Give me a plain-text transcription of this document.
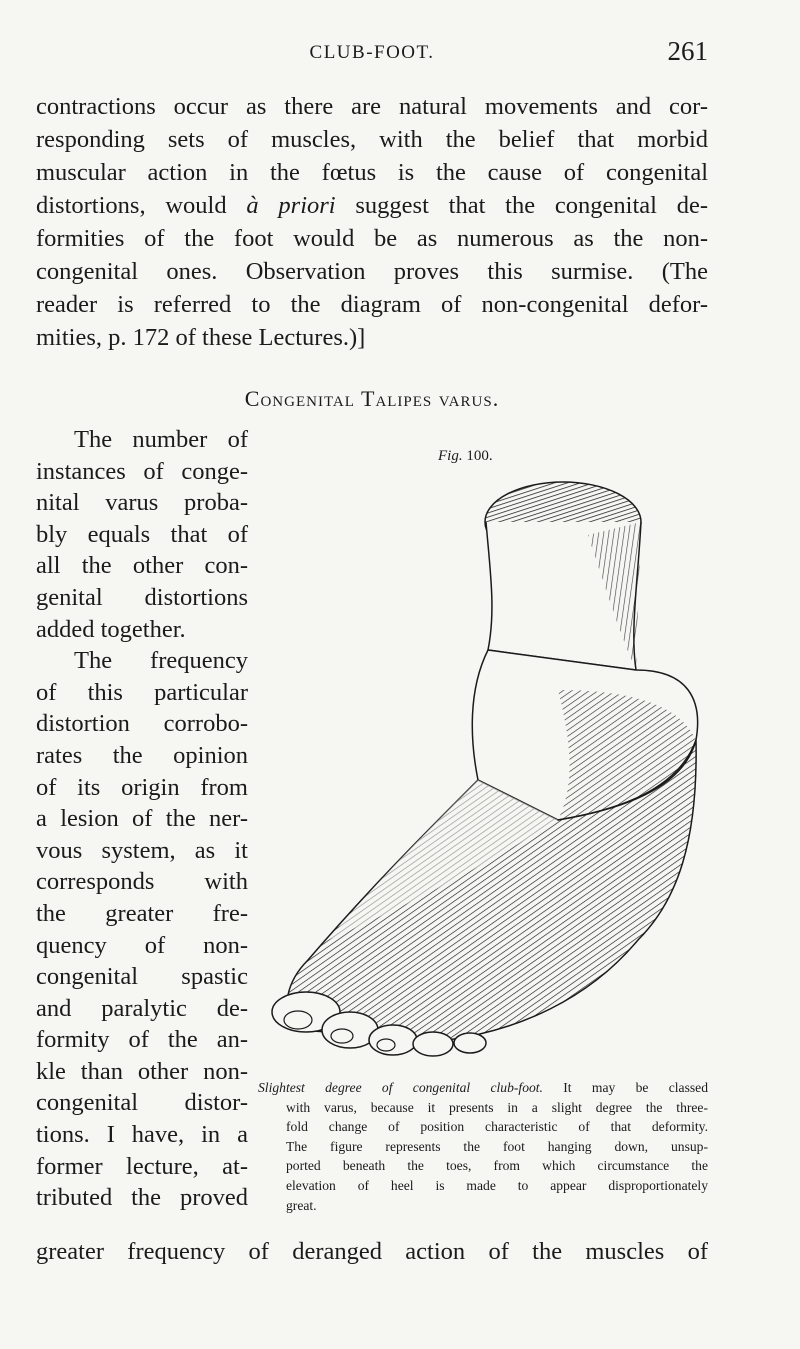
CLUB-FOOT.	261

contractions occur as there are natural movements and cor-
responding sets of muscles, with the belief that morbid
muscular action in the fœtus is the cause of congenital
distortions, would à priori suggest that the congenital de-
formities of the foot would be as numerous as the non-
congenital ones. Observation proves this surmise. (The
reader is referred to the diagram of non-congenital defor-
mities, p. 172 of these Lectures.)]

Congenital Talipes varus.

The number of
instances of conge-
nital varus proba-
bly equals that of
all the other con-
genital distortions
added together.
The frequency
of this particular
distortion corrobo-
rates the opinion
of its origin from
a lesion of the ner-
vous system, as it
corresponds with
the greater fre-
quency of non-
congenital spastic
and paralytic de-
formity of the an-
kle than other non-
congenital distor-
tions. I have, in a
former lecture, at-
tributed the proved

Fig. 100.

Slightest degree of congenital club-foot. It may be classed
with varus, because it presents in a slight degree the three-
fold change of position characteristic of that deformity.
The figure represents the foot hanging down, unsup-
ported beneath the toes, from which circumstance the
elevation of heel is made to appear disproportionately
great.

greater frequency of deranged action of the muscles of
